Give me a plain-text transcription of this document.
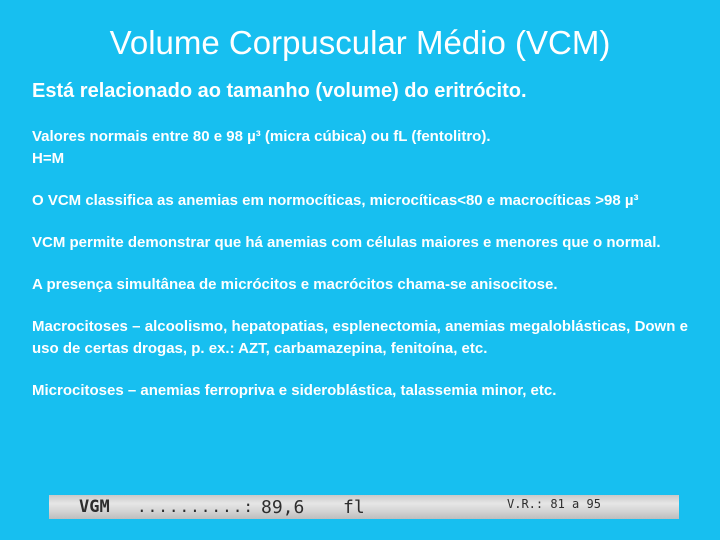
Volume Corpuscular Médio (VCM)
Está relacionado ao tamanho (volume) do eritrócito.

Valores normais entre 80 e 98 µ³ (micra cúbica) ou fL (fentolitro).

H=M

O VCM classifica as anemias em normocíticas, microcíticas<80 e macrocíticas >98 µ³

VCM permite demonstrar que há anemias com células maiores e menores que o normal.

A presença simultânea de micrócitos e macrócitos chama-se anisocitose.

Macrocitoses – alcoolismo, hepatopatias, esplenectomia, anemias megaloblásticas, Down e uso de certas drogas, p. ex.: AZT, carbamazepina, fenitoína, etc.

Microcitoses – anemias ferropriva e sideroblástica, talassemia minor, etc.

VGM ..........: 89,6 fl	V.R.: 81 a 95
